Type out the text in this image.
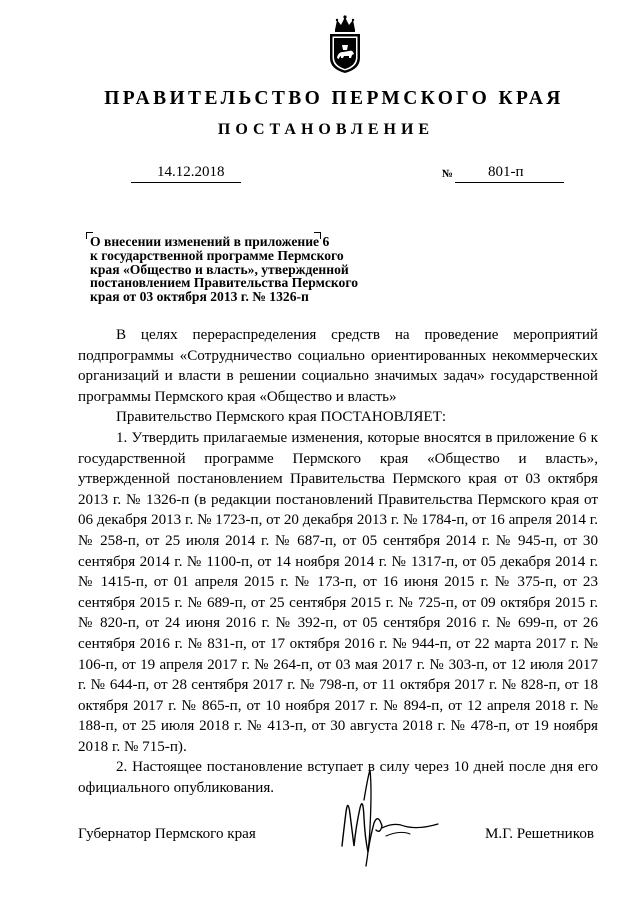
ПРАВИТЕЛЬСТВО ПЕРМСКОГО КРАЯ
ПОСТАНОВЛЕНИЕ
14.12.2018	№ 801-п
О внесении изменений в приложение 6
к государственной программе Пермского
края «Общество и власть», утвержденной
постановлением Правительства Пермского
края от 03 октября 2013 г. № 1326-п
В целях перераспределения средств на проведение мероприятий подпрограммы «Сотрудничество социально ориентированных некоммерческих организаций и власти в решении социально значимых задач» государственной программы Пермского края «Общество и власть»
Правительство Пермского края ПОСТАНОВЛЯЕТ:
1. Утвердить прилагаемые изменения, которые вносятся в приложение 6 к государственной программе Пермского края «Общество и власть», утвержденной постановлением Правительства Пермского края от 03 октября 2013 г. № 1326-п (в редакции постановлений Правительства Пермского края от 06 декабря 2013 г. № 1723-п, от 20 декабря 2013 г. № 1784-п, от 16 апреля 2014 г. № 258-п, от 25 июля 2014 г. № 687-п, от 05 сентября 2014 г. № 945-п, от 30 сентября 2014 г. № 1100-п, от 14 ноября 2014 г. № 1317-п, от 05 декабря 2014 г. № 1415-п, от 01 апреля 2015 г. № 173-п, от 16 июня 2015 г. № 375-п, от 23 сентября 2015 г. № 689-п, от 25 сентября 2015 г. № 725-п, от 09 октября 2015 г. № 820-п, от 24 июня 2016 г. № 392-п, от 05 сентября 2016 г. № 699-п, от 26 сентября 2016 г. № 831-п, от 17 октября 2016 г. № 944-п, от 22 марта 2017 г. № 106-п, от 19 апреля 2017 г. № 264-п, от 03 мая 2017 г. № 303-п, от 12 июля 2017 г. № 644-п, от 28 сентября 2017 г. № 798-п, от 11 октября 2017 г. № 828-п, от 18 октября 2017 г. № 865-п, от 10 ноября 2017 г. № 894-п, от 12 апреля 2018 г. № 188-п, от 25 июля 2018 г. № 413-п, от 30 августа 2018 г. № 478-п, от 19 ноября 2018 г. № 715-п).
2. Настоящее постановление вступает в силу через 10 дней после дня его официального опубликования.
Губернатор Пермского края	М.Г. Решетников
